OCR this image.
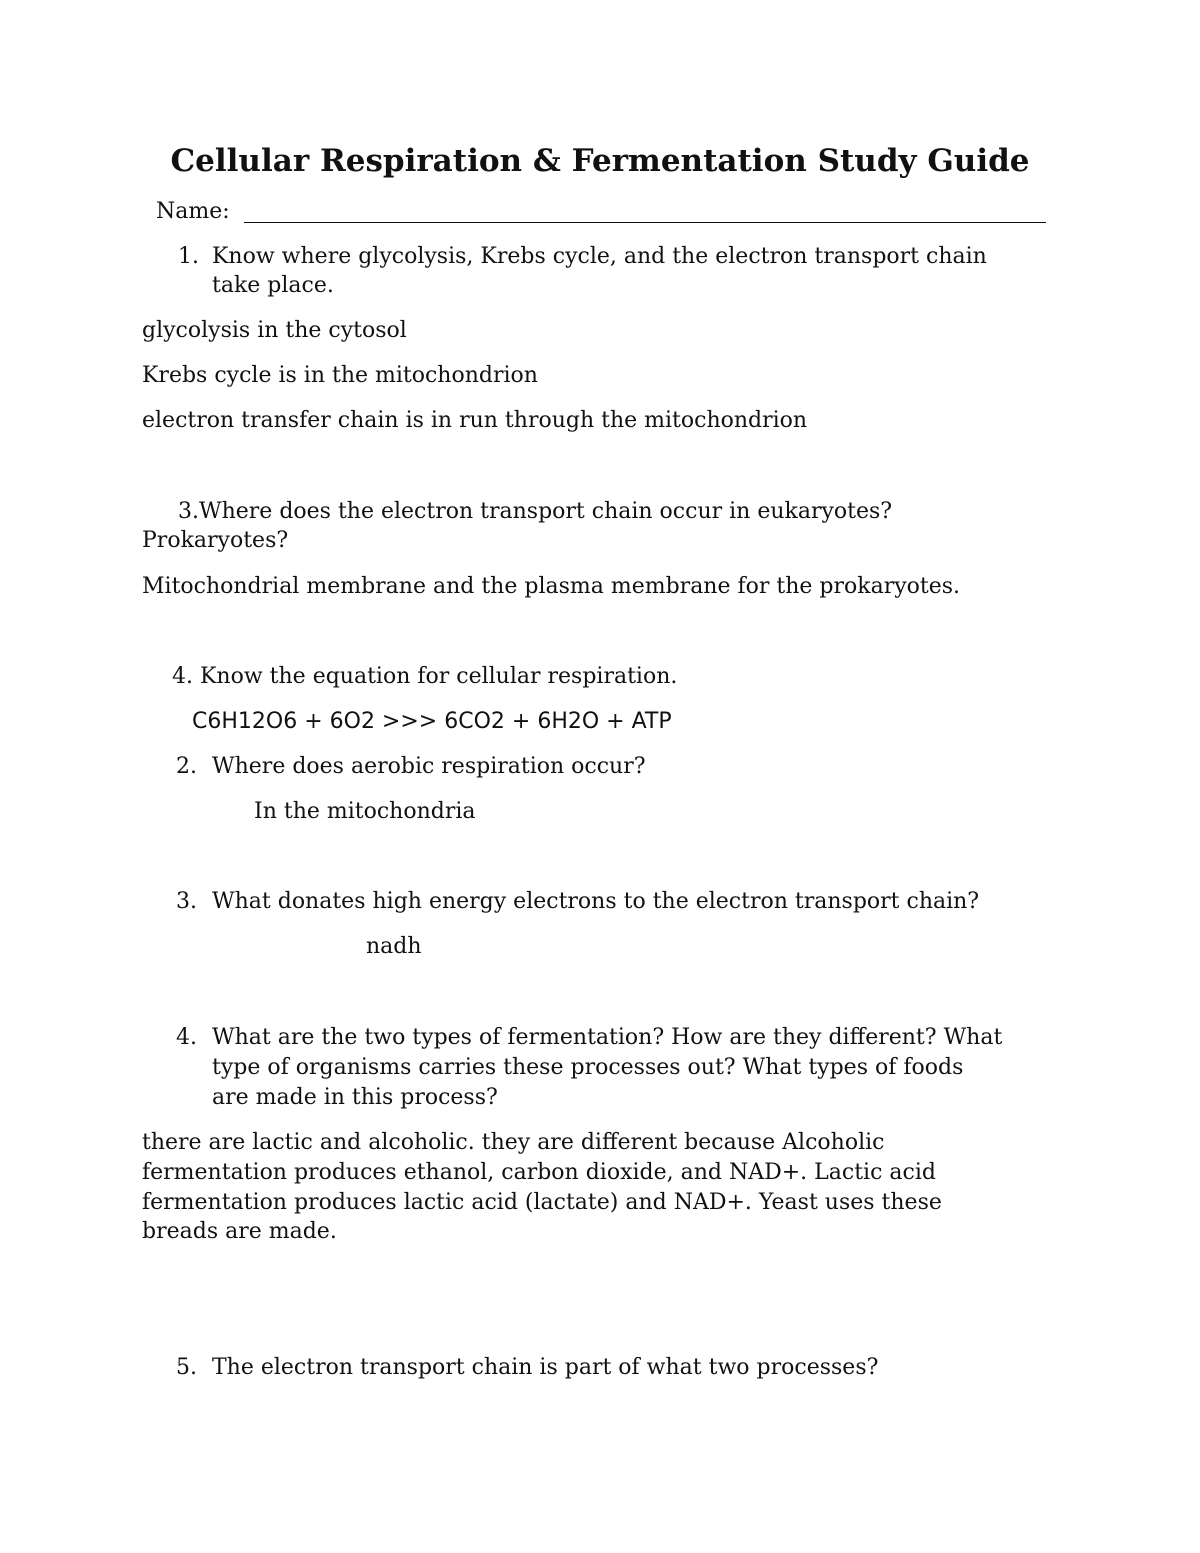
Cellular Respiration & Fermentation Study Guide
Name:
1. Know where glycolysis, Krebs cycle, and the electron transport chain
take place.
glycolysis in the cytosol
Krebs cycle is in the mitochondrion
electron transfer chain is in run through the mitochondrion
3.Where does the electron transport chain occur in eukaryotes?
Prokaryotes?
Mitochondrial membrane and the plasma membrane for the prokaryotes.
4. Know the equation for cellular respiration.
C6H12O6 + 6O2 >>> 6CO2 + 6H2O + ATP
2. Where does aerobic respiration occur?
In the mitochondria
3. What donates high energy electrons to the electron transport chain?
nadh
4. What are the two types of fermentation? How are they different? What
type of organisms carries these processes out? What types of foods
are made in this process?
there are lactic and alcoholic. they are different because Alcoholic
fermentation produces ethanol, carbon dioxide, and NAD+. Lactic acid
fermentation produces lactic acid (lactate) and NAD+. Yeast uses these
breads are made.
5. The electron transport chain is part of what two processes?
